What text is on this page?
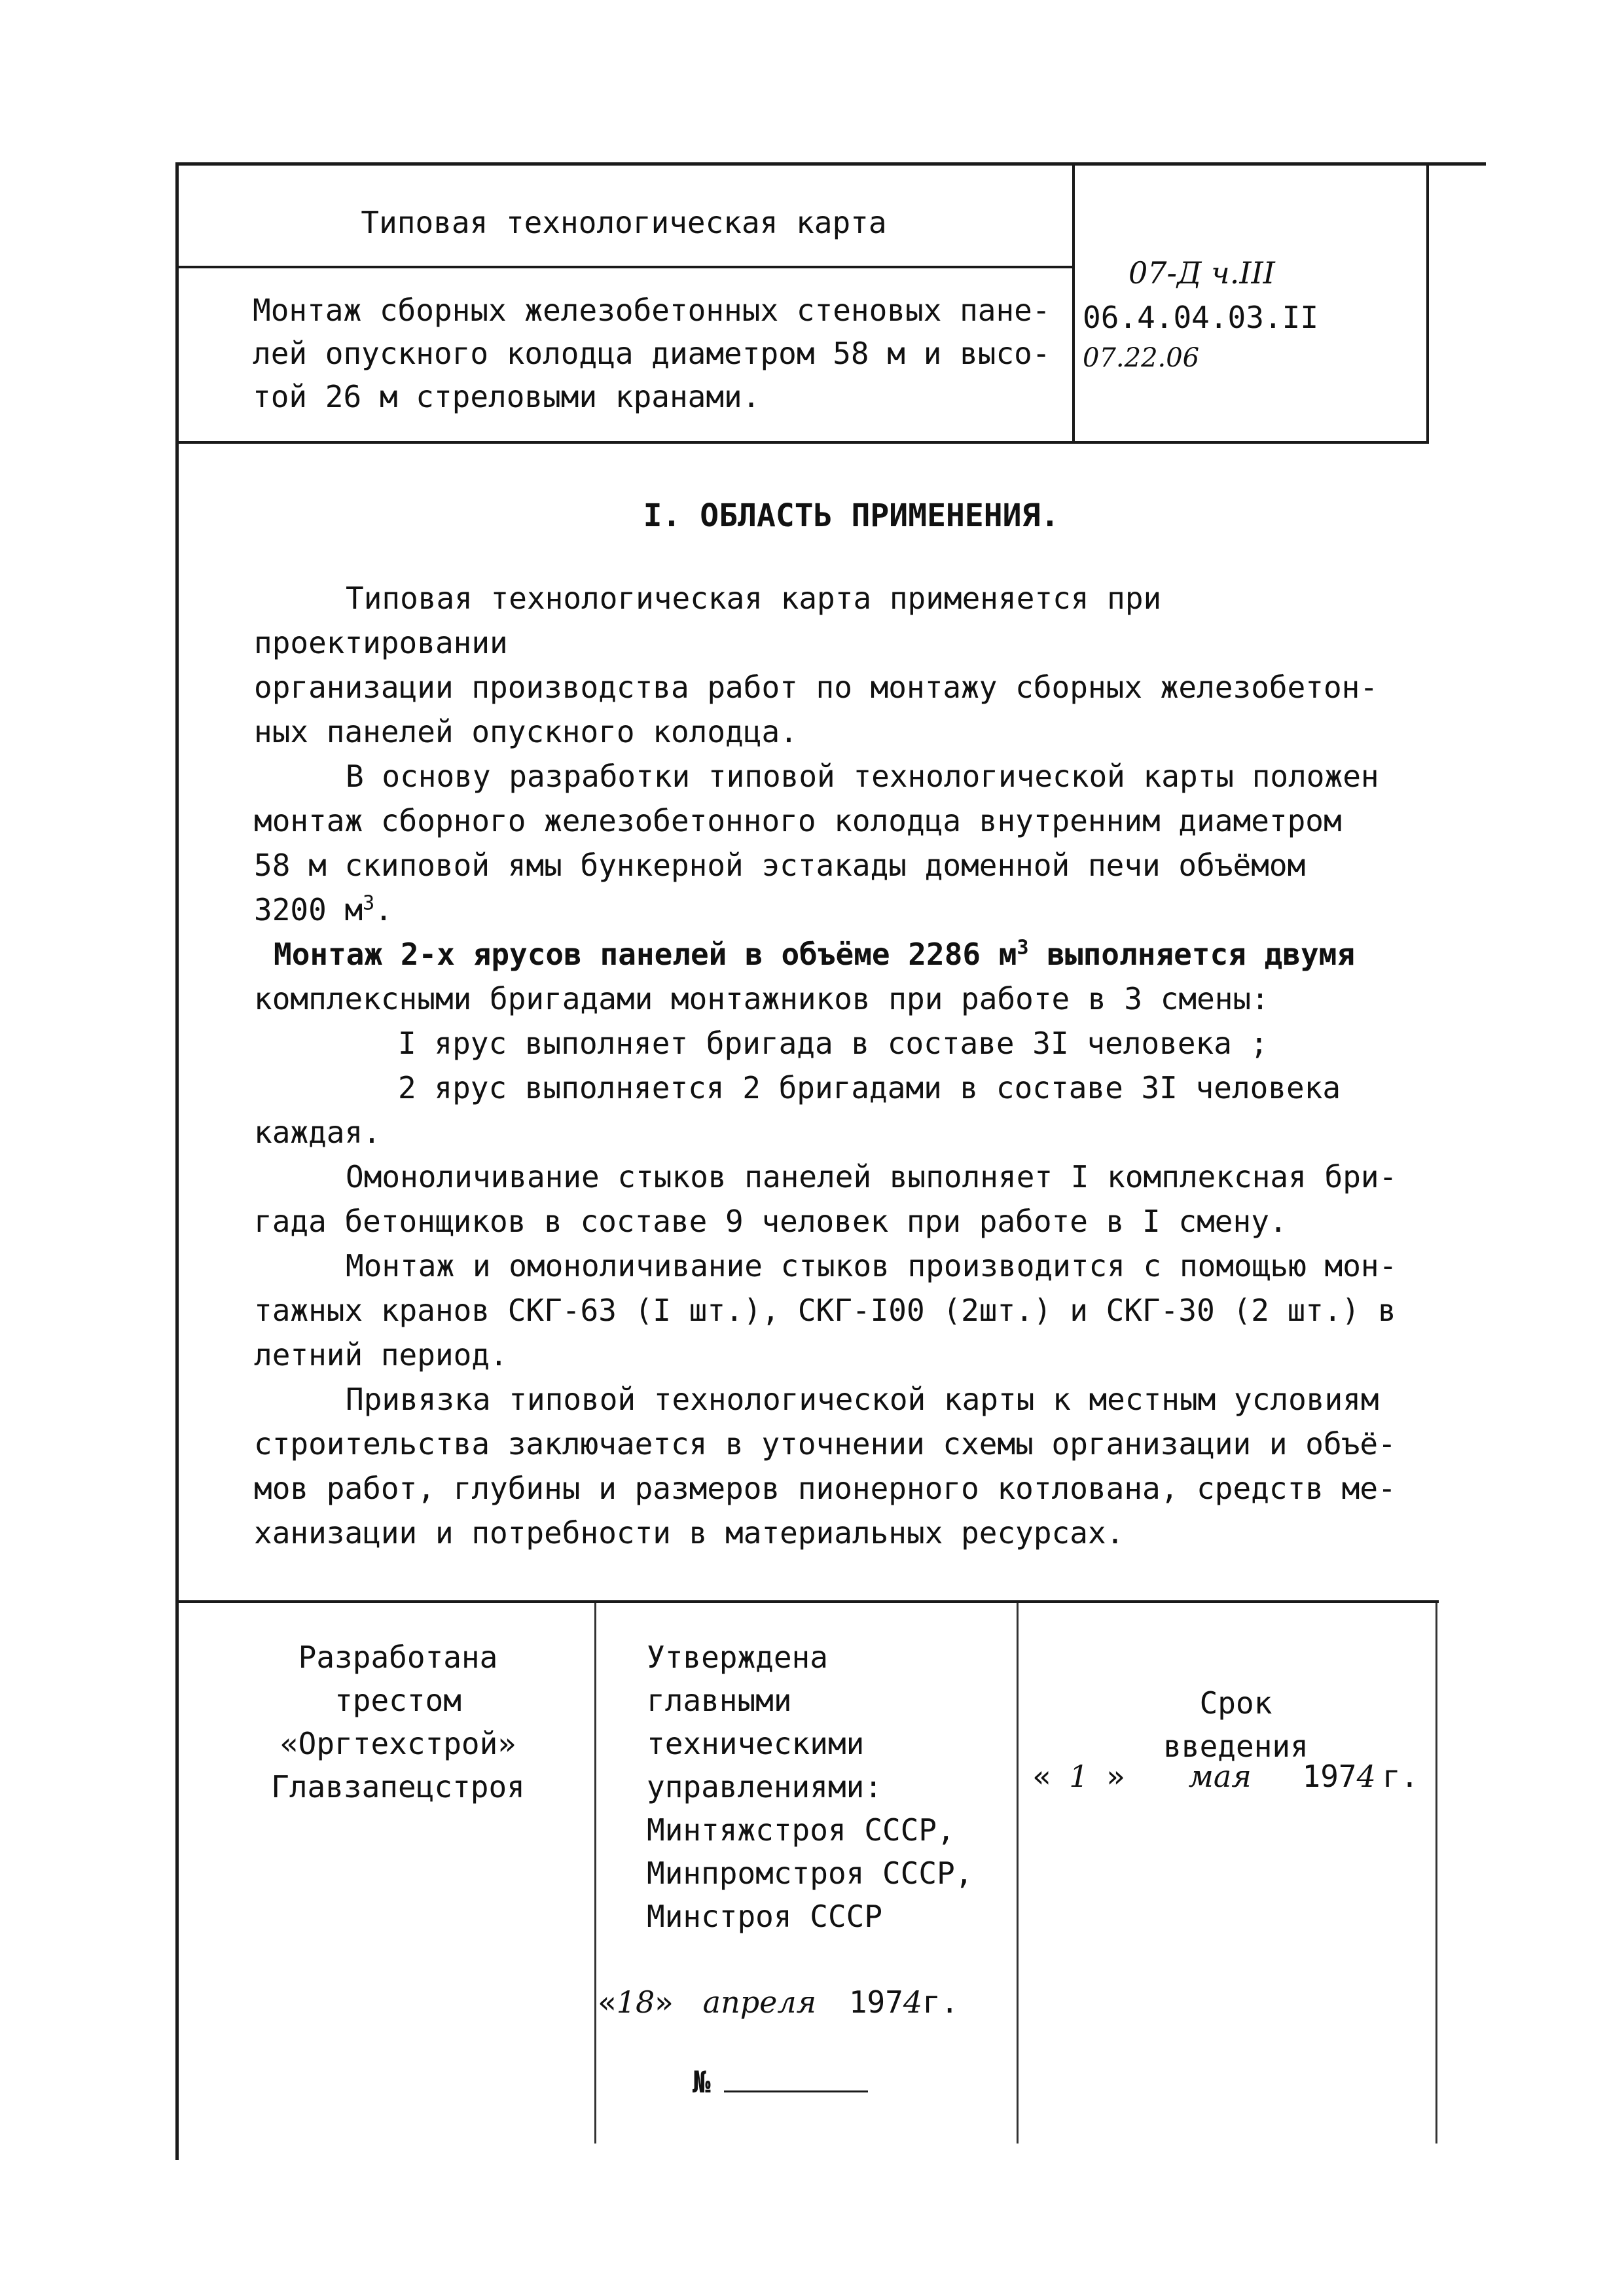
Типовая технологическая карта
Монтаж сборных железобетонных стеновых пане-
лей опускного колодца диаметром 58 м и высо-
той 26 м стреловыми кранами.
07-Д ч.III
06.4.04.03.II
07.22.06
I. ОБЛАСТЬ ПРИМЕНЕНИЯ.

Типовая технологическая карта применяется при проектировании

организации производства работ по монтажу сборных железобетон-

ных панелей опускного колодца.

В основу разработки типовой технологической карты положен

монтаж сборного железобетонного колодца внутренним диаметром

58 м скиповой ямы бункерной эстакады доменной печи объёмом

3200 $м^3$.

Монтаж 2-х ярусов панелей в объёме 2286 $м^3$ выполняется двумя

комплексными бригадами монтажников при работе в 3 смены:

I ярус выполняет бригада в составе 3I человека ;

2 ярус выполняется 2 бригадами в составе 3I человека

каждая.

Омоноличивание стыков панелей выполняет I комплексная бри-

гада бетонщиков в составе 9 человек при работе в I смену.

Монтаж и омоноличивание стыков производится с помощью мон-

тажных кранов СКГ-63 (I шт.), СКГ-I00 (2шт.) и СКГ-30 (2 шт.) в

летний период.

Привязка типовой технологической карты к местным условиям

строительства заключается в уточнении схемы организации и объё-

мов работ, глубины и размеров пионерного котлована, средств ме-

ханизации и потребности в материальных ресурсах.

Разработана
трестом
«Оргтехстрой»
Главзапецстроя
Утверждена
главными
техническими
управлениями:
Минтяжстроя СССР,
Минпромстроя СССР,
Минстроя СССР
«18» апреля 1974г.
№
Срок
введения
« 1 » мая 1974 г.
